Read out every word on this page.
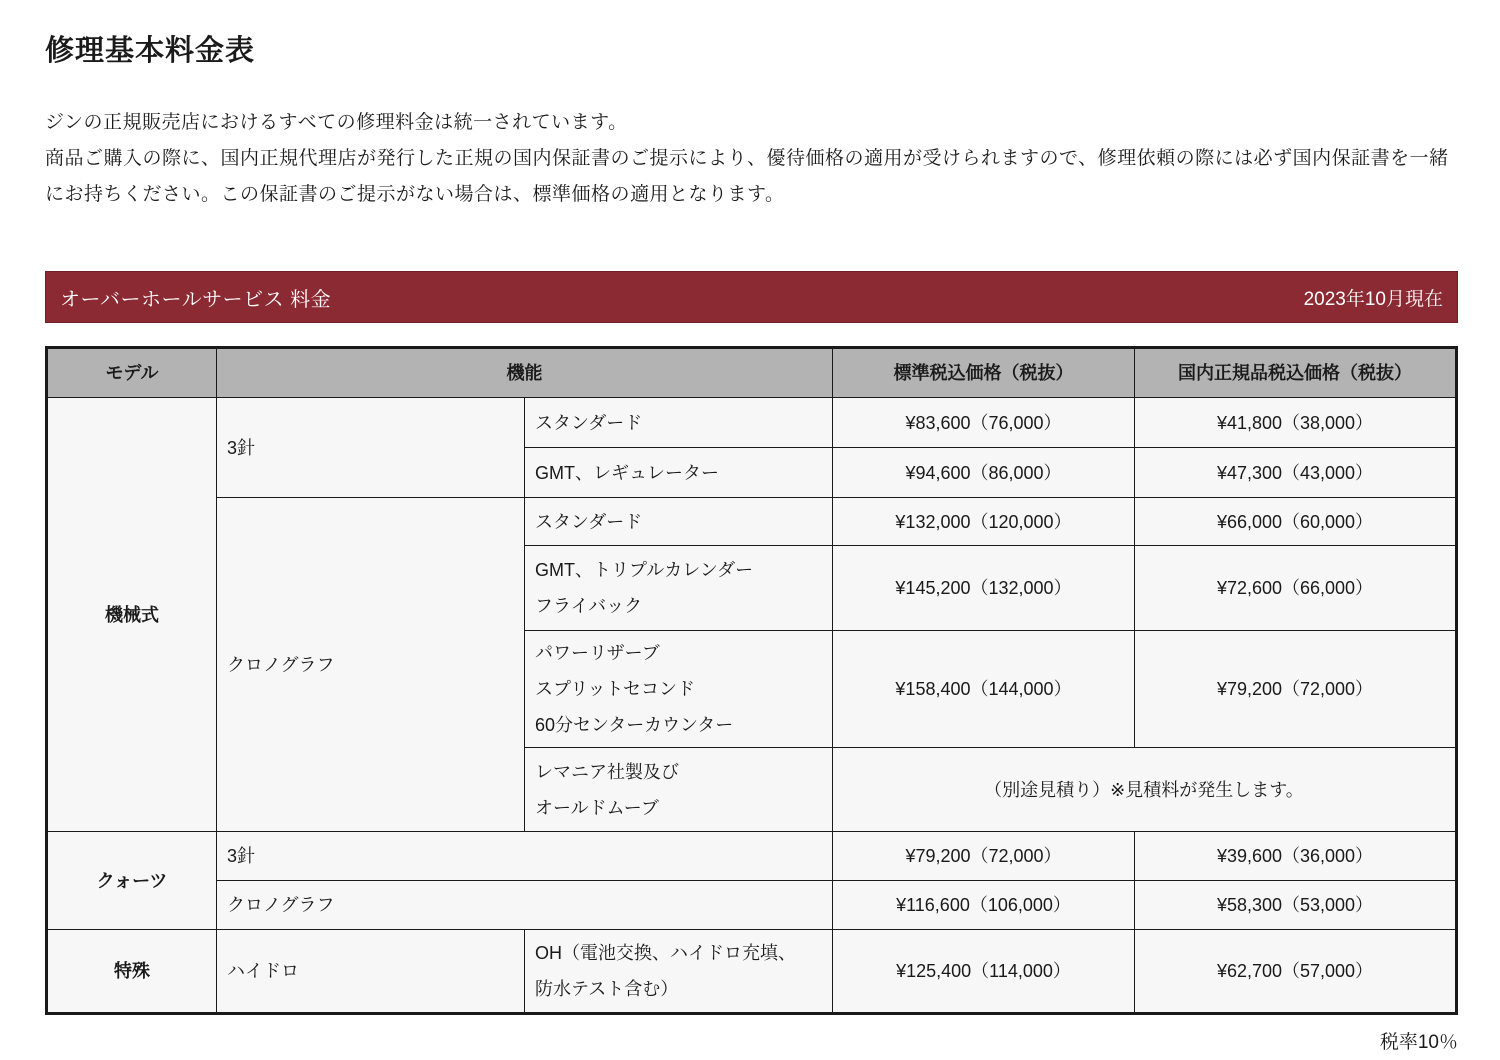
修理基本料金表

ジンの正規販売店におけるすべての修理料金は統一されています。

商品ご購入の際に、国内正規代理店が発行した正規の国内保証書のご提示により、優待価格の適用が受けられますので、修理依頼の際には必ず国内保証書を一緒にお持ちください。この保証書のご提示がない場合は、標準価格の適用となります。

オーバーホールサービス 料金	2023年10月現在
モデル	機能		標準税込価格（税抜）	国内正規品税込価格（税抜）
機械式	3針	スタンダード	¥83,600（76,000）	¥41,800（38,000）
		GMT、レギュレーター	¥94,600（86,000）	¥47,300（43,000）
	クロノグラフ	スタンダード	¥132,000（120,000）	¥66,000（60,000）

		GMT、トリプルカレンダー
フライバック	¥145,200（132,000）	¥72,600（66,000）

		パワーリザーブ
スプリットセコンド
60分センターカウンター	¥158,400（144,000）	¥79,200（72,000）

		レマニア社製及び
オールドムーブ	（別途見積り）※見積料が発生します。	
クォーツ	3針		¥79,200（72,000）	¥39,600（36,000）
	クロノグラフ		¥116,600（106,000）	¥58,300（53,000）
特殊	ハイドロ	OH（電池交換、ハイドロ充填、
防水テスト含む）	¥125,400（114,000）	¥62,700（57,000）
税率10％
